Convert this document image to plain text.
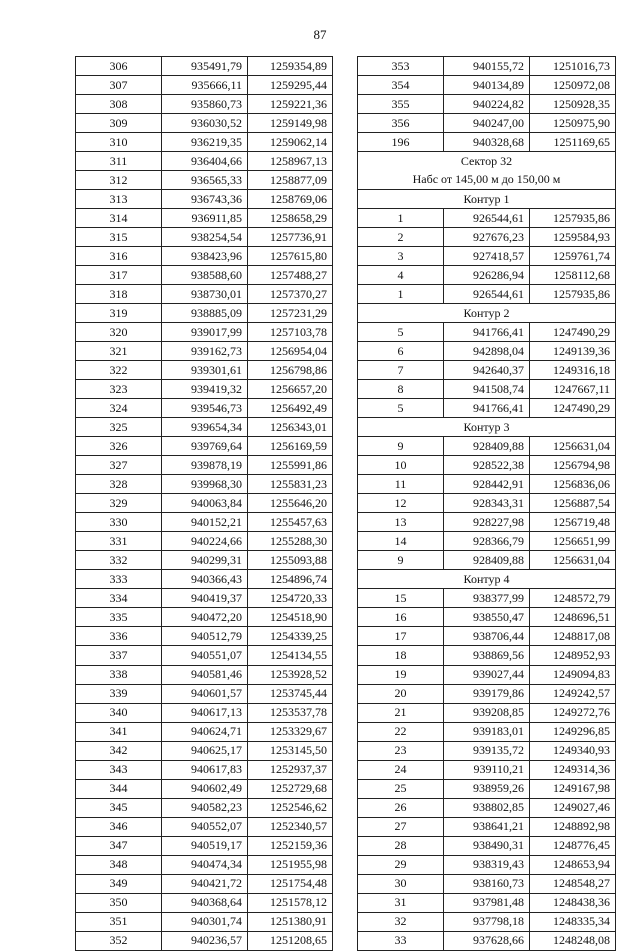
87
306	935491,79	1259354,89
307	935666,11	1259295,44
308	935860,73	1259221,36
309	936030,52	1259149,98
310	936219,35	1259062,14
311	936404,66	1258967,13
312	936565,33	1258877,09
313	936743,36	1258769,06
314	936911,85	1258658,29
315	938254,54	1257736,91
316	938423,96	1257615,80
317	938588,60	1257488,27
318	938730,01	1257370,27
319	938885,09	1257231,29
320	939017,99	1257103,78
321	939162,73	1256954,04
322	939301,61	1256798,86
323	939419,32	1256657,20
324	939546,73	1256492,49
325	939654,34	1256343,01
326	939769,64	1256169,59
327	939878,19	1255991,86
328	939968,30	1255831,23
329	940063,84	1255646,20
330	940152,21	1255457,63
331	940224,66	1255288,30
332	940299,31	1255093,88
333	940366,43	1254896,74
334	940419,37	1254720,33
335	940472,20	1254518,90
336	940512,79	1254339,25
337	940551,07	1254134,55
338	940581,46	1253928,52
339	940601,57	1253745,44
340	940617,13	1253537,78
341	940624,71	1253329,67
342	940625,17	1253145,50
343	940617,83	1252937,37
344	940602,49	1252729,68
345	940582,23	1252546,62
346	940552,07	1252340,57
347	940519,17	1252159,36
348	940474,34	1251955,98
349	940421,72	1251754,48
350	940368,64	1251578,12
351	940301,74	1251380,91
352	940236,57	1251208,65
353	940155,72	1251016,73
354	940134,89	1250972,08
355	940224,82	1250928,35
356	940247,00	1250975,90
196	940328,68	1251169,65
Сектор 32		
Набс от 145,00 м до 150,00 м		
Контур 1		
1	926544,61	1257935,86
2	927676,23	1259584,93
3	927418,57	1259761,74
4	926286,94	1258112,68
1	926544,61	1257935,86
Контур 2		
5	941766,41	1247490,29
6	942898,04	1249139,36
7	942640,37	1249316,18
8	941508,74	1247667,11
5	941766,41	1247490,29
Контур 3		
9	928409,88	1256631,04
10	928522,38	1256794,98
11	928442,91	1256836,06
12	928343,31	1256887,54
13	928227,98	1256719,48
14	928366,79	1256651,99
9	928409,88	1256631,04
Контур 4		
15	938377,99	1248572,79
16	938550,47	1248696,51
17	938706,44	1248817,08
18	938869,56	1248952,93
19	939027,44	1249094,83
20	939179,86	1249242,57
21	939208,85	1249272,76
22	939183,01	1249296,85
23	939135,72	1249340,93
24	939110,21	1249314,36
25	938959,26	1249167,98
26	938802,85	1249027,46
27	938641,21	1248892,98
28	938490,31	1248776,45
29	938319,43	1248653,94
30	938160,73	1248548,27
31	937981,48	1248438,36
32	937798,18	1248335,34
33	937628,66	1248248,08
